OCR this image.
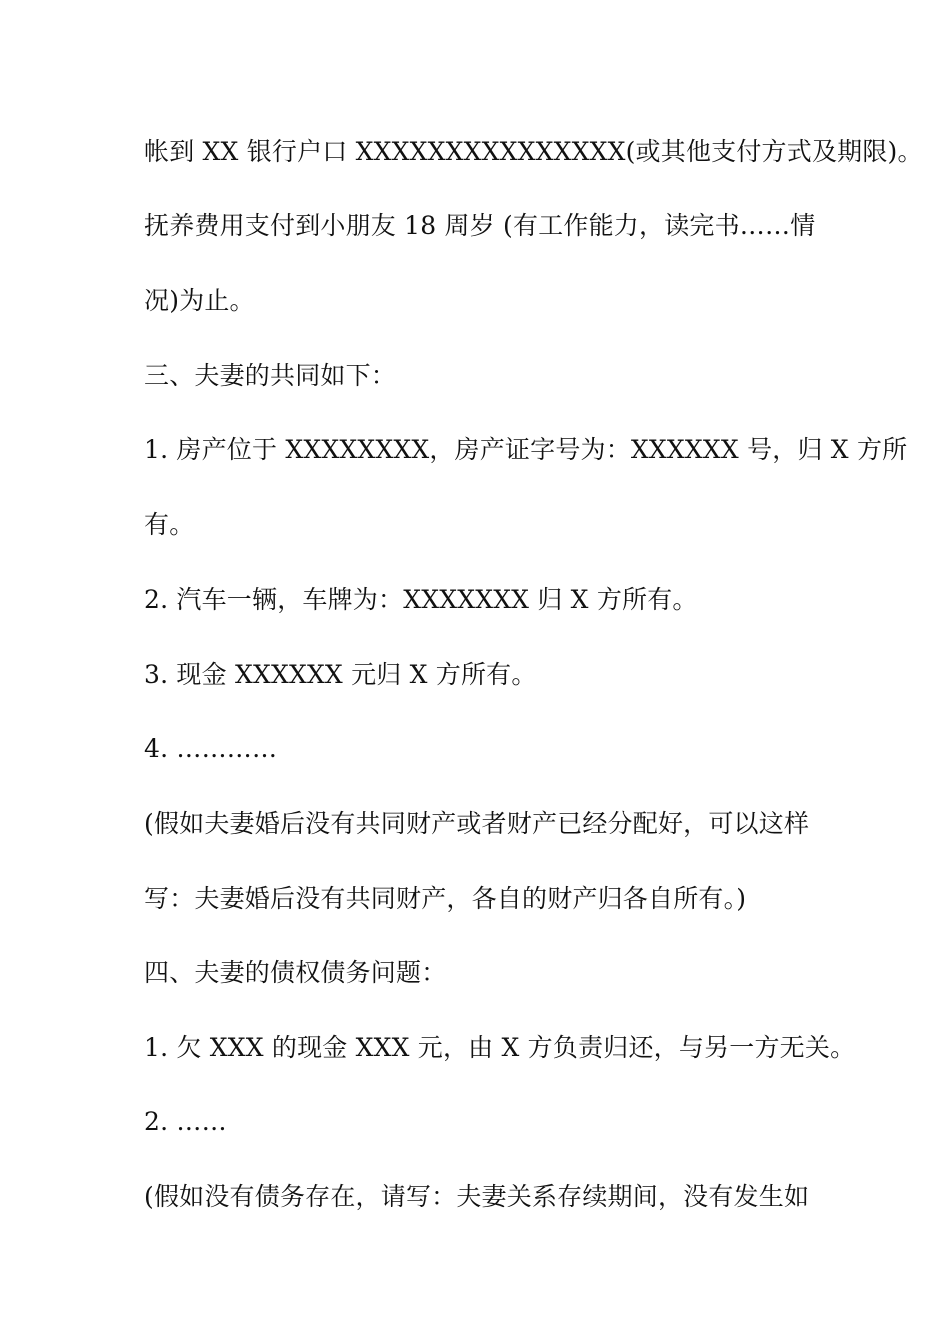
帐到 XX 银行户口 XXXXXXXXXXXXXXX(或其他支付方式及期限)。
抚养费用支付到小朋友 18 周岁 (有工作能力，读完书……情
况)为止。
三、夫妻的共同如下：
1. 房产位于 XXXXXXXX，房产证字号为：XXXXXX 号，归 X 方所
有。
2. 汽车一辆，车牌为：XXXXXXX 归 X 方所有。
3. 现金 XXXXXX 元归 X 方所有。
4. …………
(假如夫妻婚后没有共同财产或者财产已经分配好，可以这样
写：夫妻婚后没有共同财产，各自的财产归各自所有。)
四、夫妻的债权债务问题：
1. 欠 XXX 的现金 XXX 元，由 X 方负责归还，与另一方无关。
2. ……
(假如没有债务存在，请写：夫妻关系存续期间，没有发生如
